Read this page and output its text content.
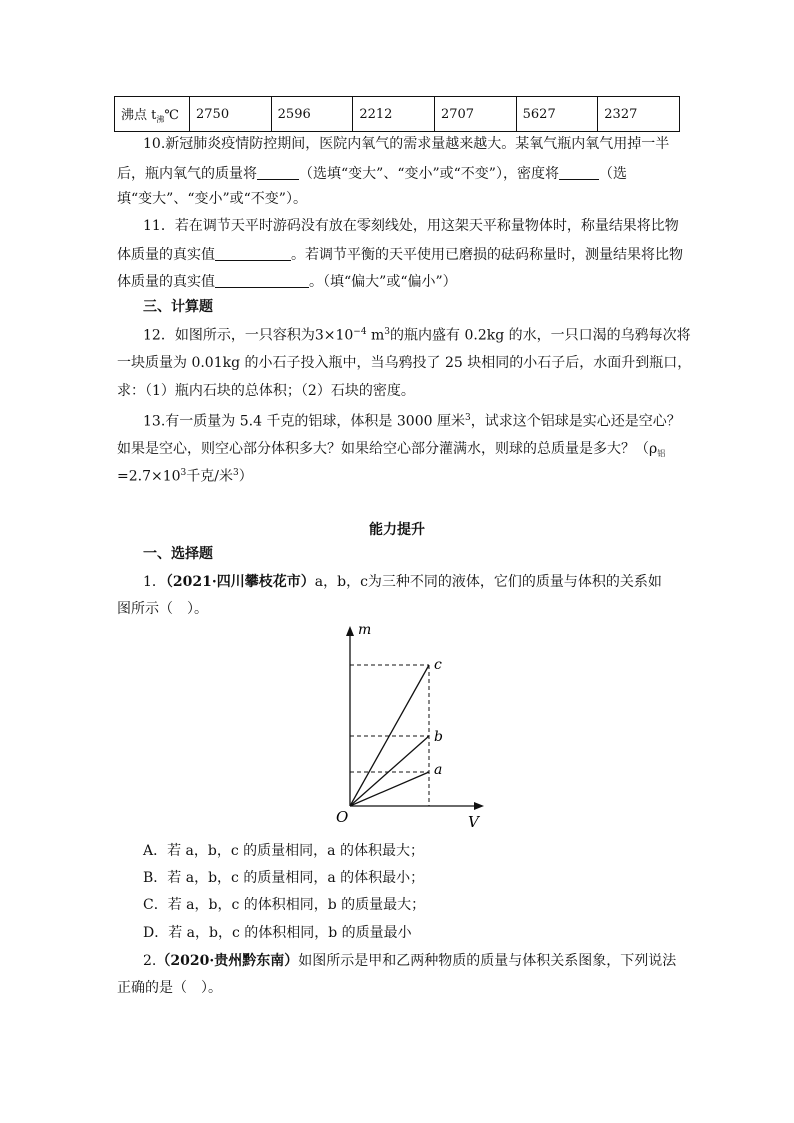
沸点 $t_沸℃$	2750	2596	2212	2707	5627	2327
10.新冠肺炎疫情防控期间，医院内氧气的需求量越来越大。某氧气瓶内氧气用掉一半
后，瓶内氧气的质量将	（选填“变大”、“变小”或“不变”），密度将	（选
填“变大”、“变小”或“不变”）。
11．若在调节天平时游码没有放在零刻线处，用这架天平称量物体时，称量结果将比物
体质量的真实值	。若调节平衡的天平使用已磨损的砝码称量时，测量结果将比物
体质量的真实值	。（填“偏大”或“偏小”）
三、计算题
12．如图所示，一只容积为$3\times 10^{-4}$ $m^3$的瓶内盛有 0.2kg 的水，一只口渴的乌鸦每次将
一块质量为 0.01kg 的小石子投入瓶中，当乌鸦投了 25 块相同的小石子后，水面升到瓶口，
求：（1）瓶内石块的总体积；（2）石块的密度。
13.有一质量为 5.4 千克的铝球，体积是 3000 厘米$^3$，试求这个铝球是实心还是空心？
如果是空心，则空心部分体积多大？如果给空心部分灌满水，则球的总质量是多大？（$\rho_铝$
$=2.7\times 10^3$千克/米$^3$）
能力提升
一、选择题
1．（2021·四川攀枝花市）a，b，c为三种不同的液体，它们的质量与体积的关系如
图所示（　）。
m
V
O
c
b
a
A．若 a，b，c 的质量相同，a 的体积最大；
B．若 a，b，c 的质量相同，a 的体积最小；
C．若 a，b，c 的体积相同，b 的质量最大；
D．若 a，b，c 的体积相同，b 的质量最小
2.（2020·贵州黔东南）如图所示是甲和乙两种物质的质量与体积关系图象，下列说法
正确的是（　）。
